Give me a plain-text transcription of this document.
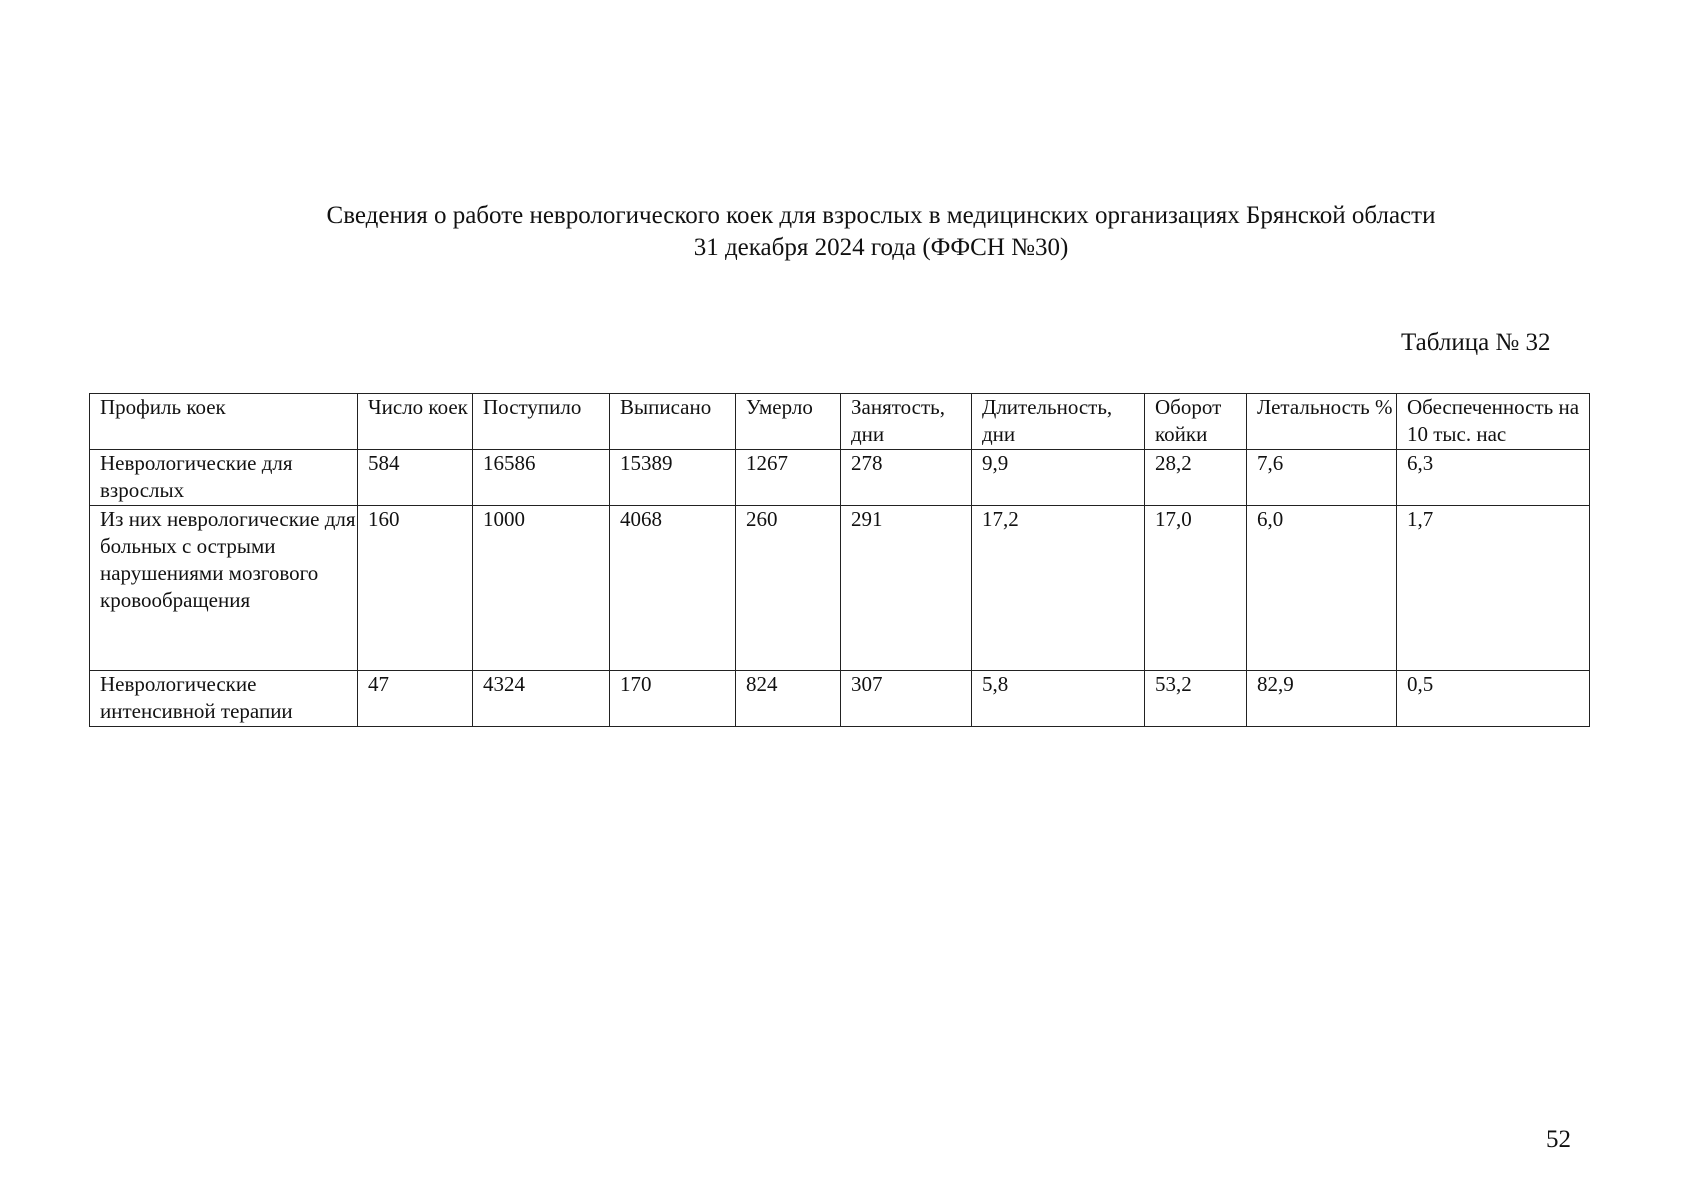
Сведения о работе неврологического коек для взрослых в медицинских организациях Брянской области
31 декабря 2024 года (ФФСН №30)
Таблица № 32
Профиль коек	Число коек	Поступило	Выписано	Умерло	Занятость, дни	Длительность, дни	Оборот койки	Летальность %	Обеспеченность на 10 тыс. нас
Неврологические для взрослых	584	16586	15389	1267	278	9,9	28,2	7,6	6,3
Из них неврологические для больных с острыми нарушениями мозгового кровообращения	160	1000	4068	260	291	17,2	17,0	6,0	1,7
Неврологические интенсивной терапии	47	4324	170	824	307	5,8	53,2	82,9	0,5
52
